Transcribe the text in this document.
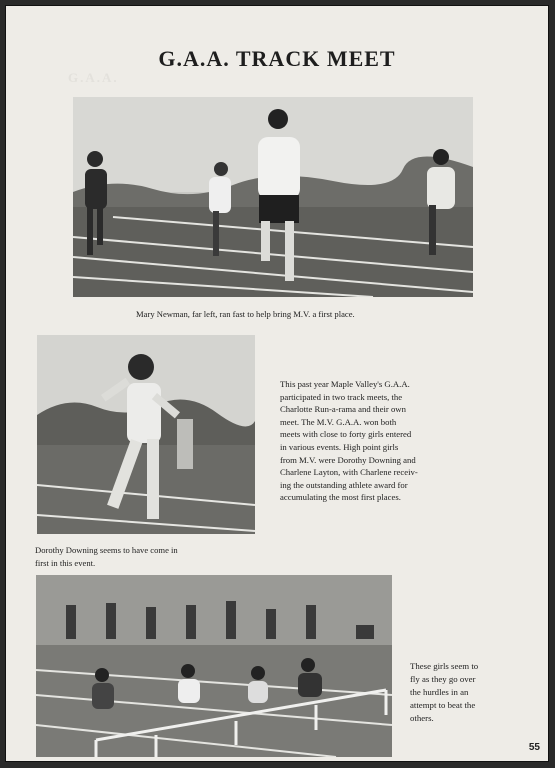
G.A.A.
G.A.A. TRACK MEET
Mary Newman, far left, ran fast to help bring M.V. a first place.
Dorothy Downing seems to have come in
first in this event.
This past year Maple Valley's G.A.A.
participated in two track meets, the
Charlotte Run-a-rama and their own
meet. The M.V. G.A.A. won both
meets with close to forty girls entered
in various events. High point girls
from M.V. were Dorothy Downing and
Charlene Layton, with Charlene receiv-
ing the outstanding athlete award for
accumulating the most first places.
These girls seem to
fly as they go over
the hurdles in an
attempt to beat the
others.
55
